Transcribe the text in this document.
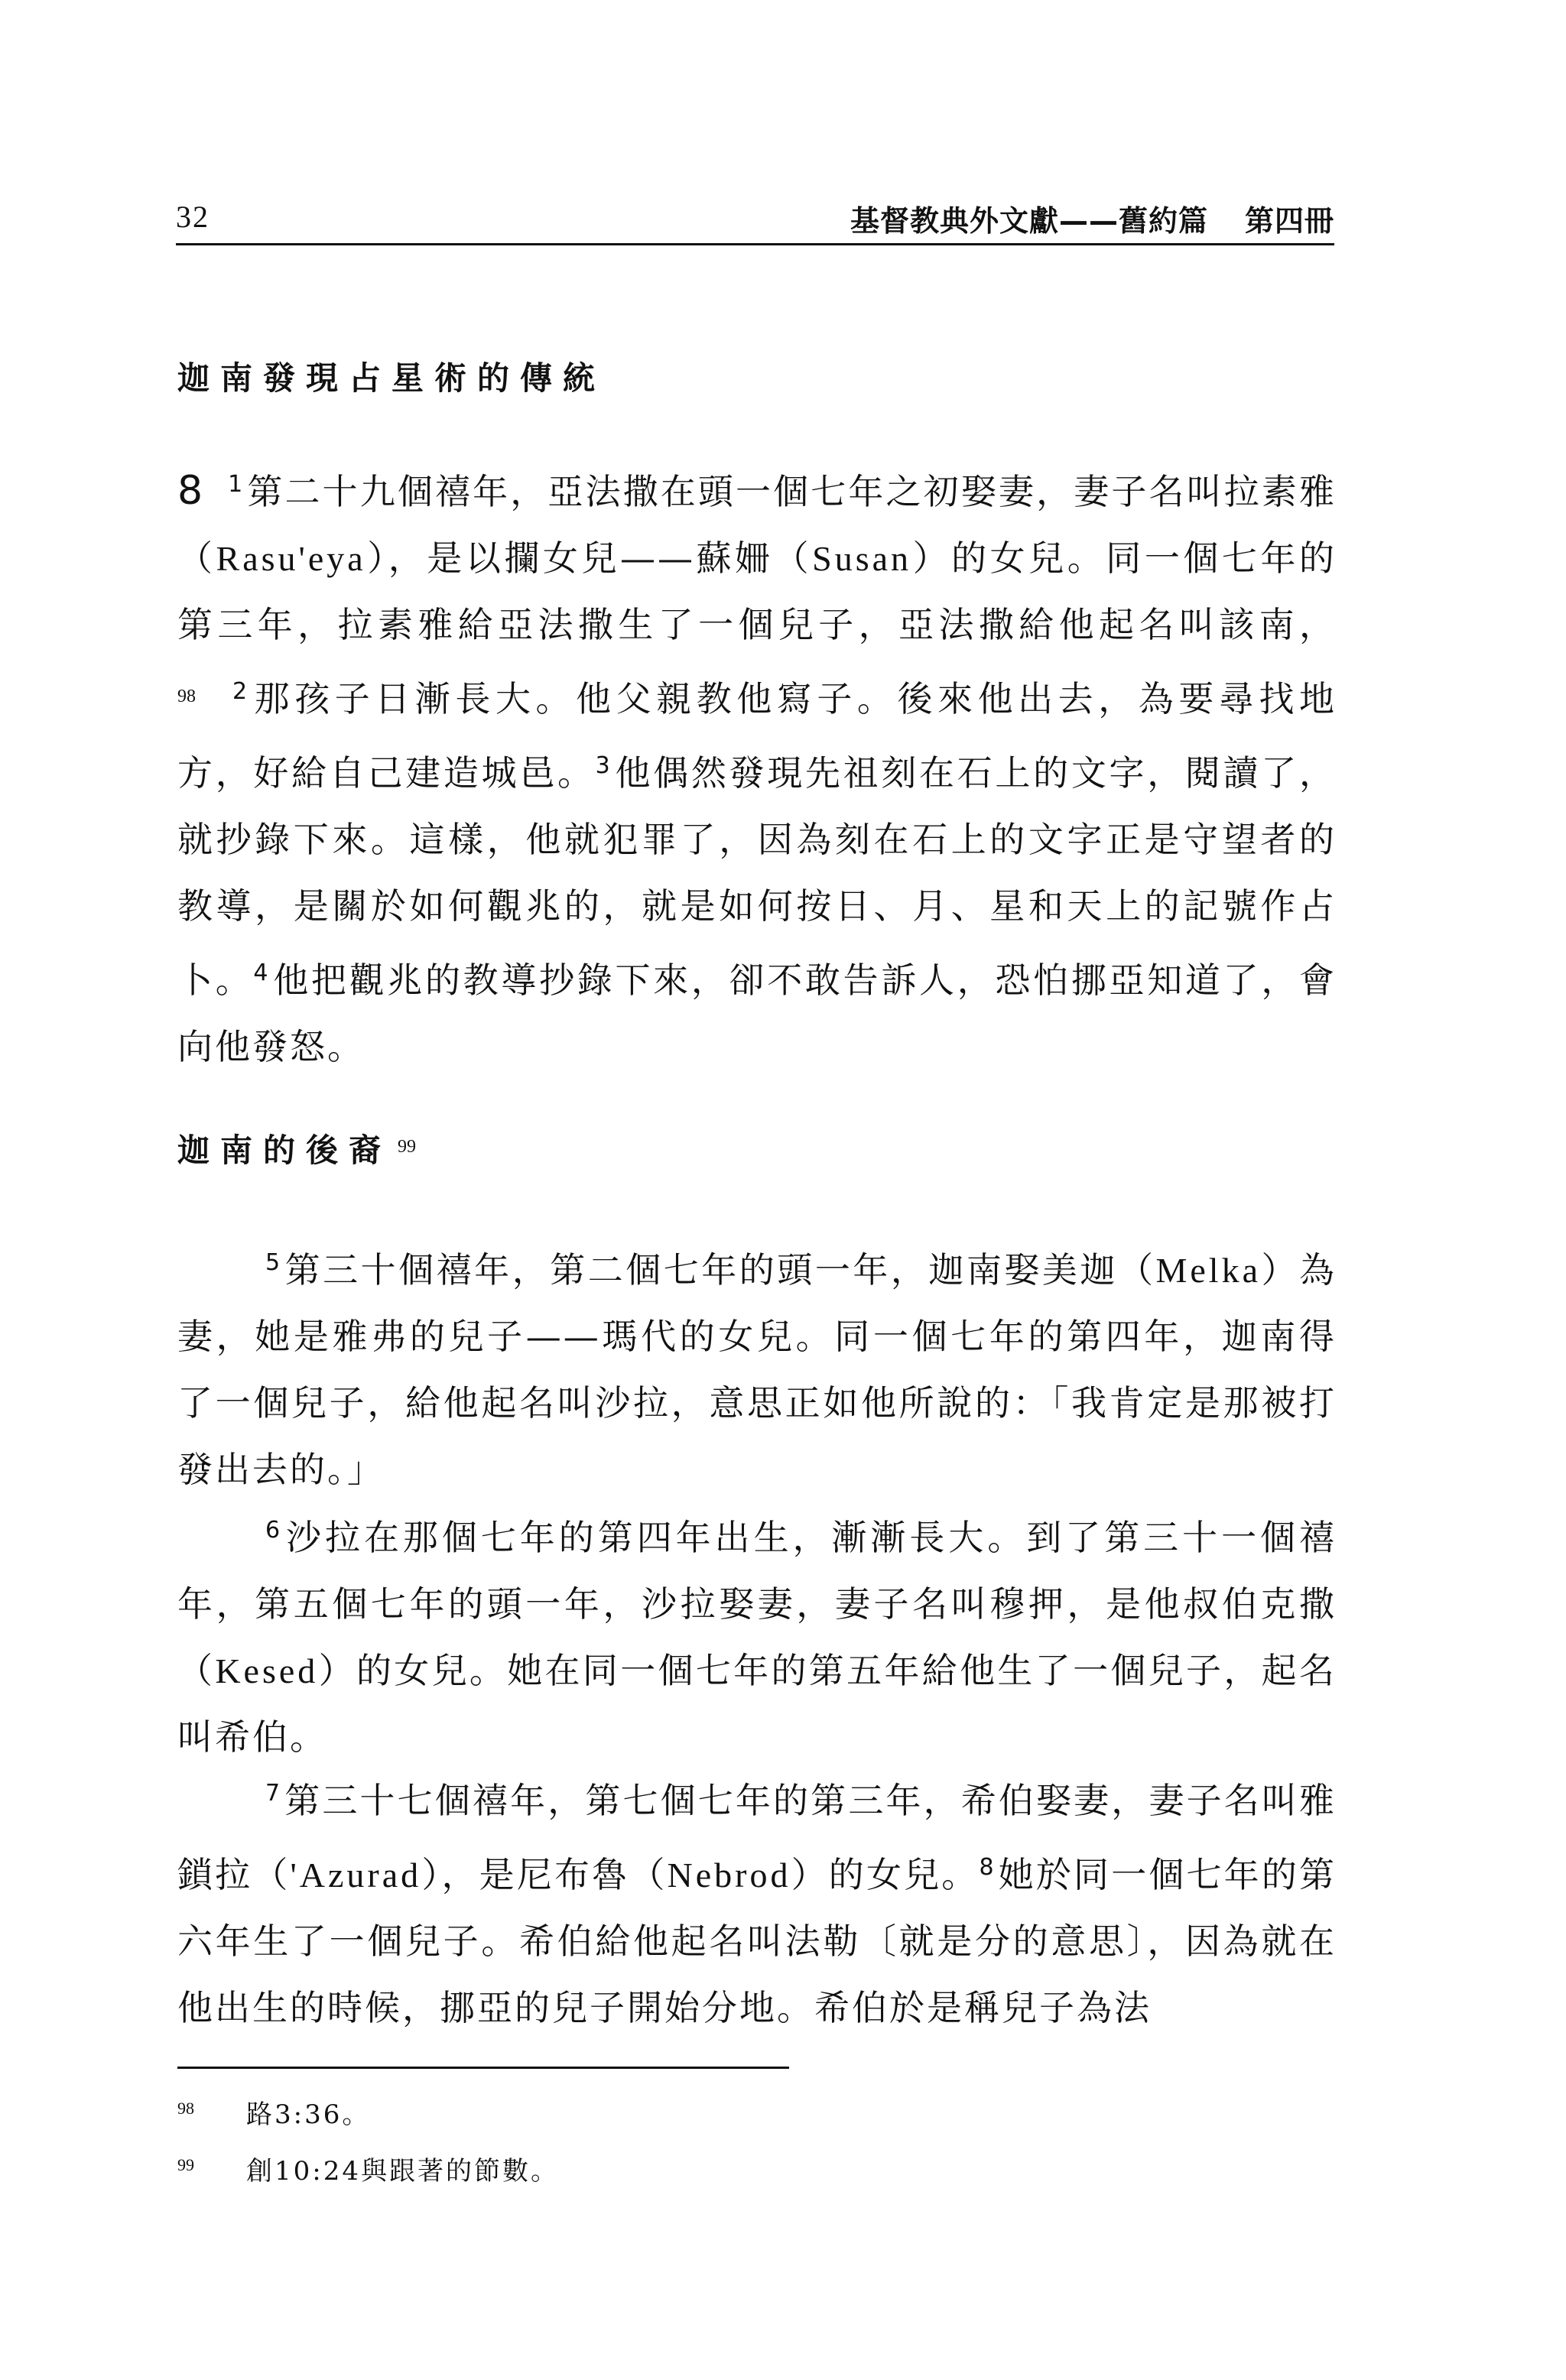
32	基督教典外文獻——舊約篇 第四冊
迦南發現占星術的傳統
8 $^1$ 第二十九個禧年，亞法撒在頭一個七年之初娶妻，妻子名叫拉素雅（Rasu'eya），是以攔女兒——蘇姍（Susan）的女兒。同一個七年的第三年，拉素雅給亞法撒生了一個兒子，亞法撒給他起名叫該南，$^{98}$ $^2$ 那孩子日漸長大。他父親教他寫子。後來他出去，為要尋找地方，好給自己建造城邑。$^3$ 他偶然發現先祖刻在石上的文字，閱讀了，就抄錄下來。這樣，他就犯罪了，因為刻在石上的文字正是守望者的教導，是關於如何觀兆的，就是如何按日、月、星和天上的記號作占卜。$^4$ 他把觀兆的教導抄錄下來，卻不敢告訴人，恐怕挪亞知道了，會向他發怒。
迦南的後裔 $^{99}$
$^5$ 第三十個禧年，第二個七年的頭一年，迦南娶美迦（Melka）為妻，她是雅弗的兒子——瑪代的女兒。同一個七年的第四年，迦南得了一個兒子，給他起名叫沙拉，意思正如他所說的：「我肯定是那被打發出去的。」
$^6$ 沙拉在那個七年的第四年出生，漸漸長大。到了第三十一個禧年，第五個七年的頭一年，沙拉娶妻，妻子名叫穆押，是他叔伯克撒（Kesed）的女兒。她在同一個七年的第五年給他生了一個兒子，起名叫希伯。
$^7$ 第三十七個禧年，第七個七年的第三年，希伯娶妻，妻子名叫雅鎖拉（'Azurad），是尼布魯（Nebrod）的女兒。$^8$ 她於同一個七年的第六年生了一個兒子。希伯給他起名叫法勒〔就是分的意思〕，因為就在他出生的時候，挪亞的兒子開始分地。希伯於是稱兒子為法
98 路3:36。
99 創10:24與跟著的節數。
